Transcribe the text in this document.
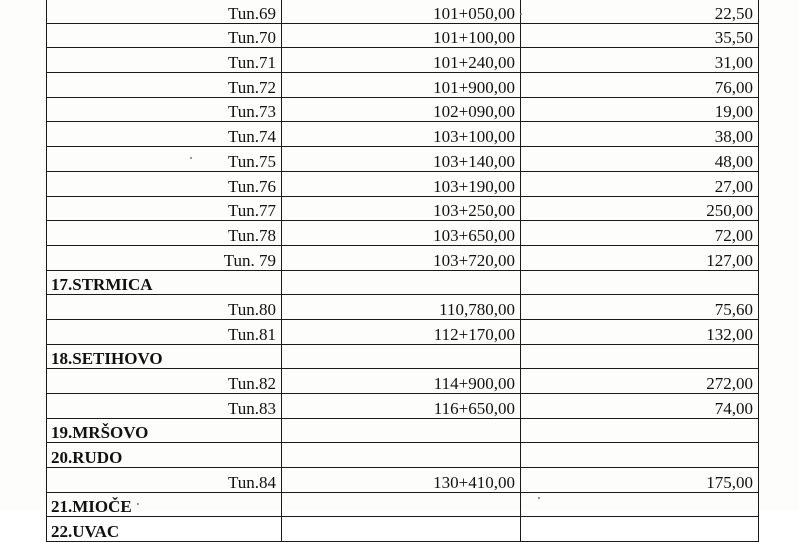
Tun.69	101+050,00	22,50
Tun.70	101+100,00	35,50
Tun.71	101+240,00	31,00
Tun.72	101+900,00	76,00
Tun.73	102+090,00	19,00
Tun.74	103+100,00	38,00
Tun.75	103+140,00	48,00
Tun.76	103+190,00	27,00
Tun.77	103+250,00	250,00
Tun.78	103+650,00	72,00
Tun. 79	103+720,00	127,00
17.STRMICA		
Tun.80	110,780,00	75,60
Tun.81	112+170,00	132,00
18.SETIHOVO		
Tun.82	114+900,00	272,00
Tun.83	116+650,00	74,00
19.MRŠOVO		
20.RUDO		
Tun.84	130+410,00	175,00
21.MIOČE		
22.UVAC		
